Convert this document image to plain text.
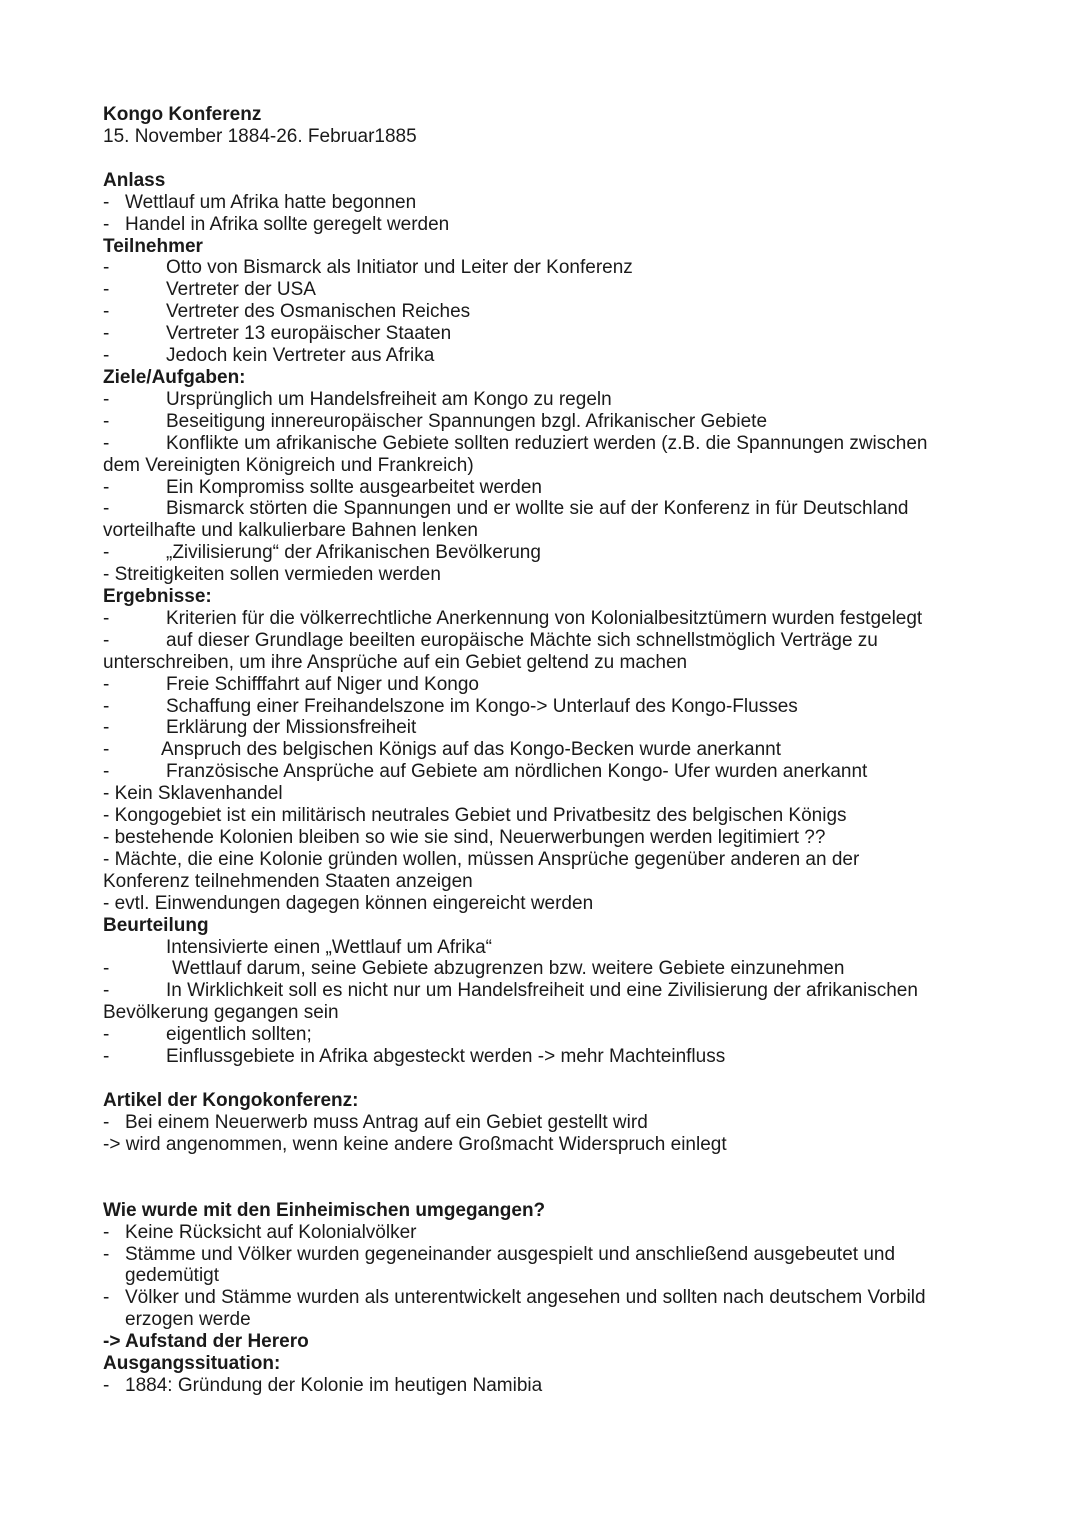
Kongo Konferenz
15. November 1884-26. Februar1885
Anlass
- Wettlauf um Afrika hatte begonnen
- Handel in Afrika sollte geregelt werden
Teilnehmer
- Otto von Bismarck als Initiator und Leiter der Konferenz
- Vertreter der USA
- Vertreter des Osmanischen Reiches
- Vertreter 13 europäischer Staaten
- Jedoch kein Vertreter aus Afrika
Ziele/Aufgaben:
- Ursprünglich um Handelsfreiheit am Kongo zu regeln
- Beseitigung innereuropäischer Spannungen bzgl. Afrikanischer Gebiete
- Konflikte um afrikanische Gebiete sollten reduziert werden (z.B. die Spannungen zwischen
dem Vereinigten Königreich und Frankreich)
- Ein Kompromiss sollte ausgearbeitet werden
- Bismarck störten die Spannungen und er wollte sie auf der Konferenz in für Deutschland
vorteilhafte und kalkulierbare Bahnen lenken
- „Zivilisierung“ der Afrikanischen Bevölkerung
- Streitigkeiten sollen vermieden werden
Ergebnisse:
- Kriterien für die völkerrechtliche Anerkennung von Kolonialbesitztümern wurden festgelegt
- auf dieser Grundlage beeilten europäische Mächte sich schnellstmöglich Verträge zu
unterschreiben, um ihre Ansprüche auf ein Gebiet geltend zu machen
- Freie Schifffahrt auf Niger und Kongo
- Schaffung einer Freihandelszone im Kongo-> Unterlauf des Kongo-Flusses
- Erklärung der Missionsfreiheit
- Anspruch des belgischen Königs auf das Kongo-Becken wurde anerkannt
- Französische Ansprüche auf Gebiete am nördlichen Kongo- Ufer wurden anerkannt
- Kein Sklavenhandel
- Kongogebiet ist ein militärisch neutrales Gebiet und Privatbesitz des belgischen Königs
- bestehende Kolonien bleiben so wie sie sind, Neuerwerbungen werden legitimiert ??
- Mächte, die eine Kolonie gründen wollen, müssen Ansprüche gegenüber anderen an der
Konferenz teilnehmenden Staaten anzeigen
- evtl. Einwendungen dagegen können eingereicht werden
Beurteilung
Intensivierte einen „Wettlauf um Afrika“
- Wettlauf darum, seine Gebiete abzugrenzen bzw. weitere Gebiete einzunehmen
- In Wirklichkeit soll es nicht nur um Handelsfreiheit und eine Zivilisierung der afrikanischen
Bevölkerung gegangen sein
- eigentlich sollten;
- Einflussgebiete in Afrika abgesteckt werden -> mehr Machteinfluss
Artikel der Kongokonferenz:
- Bei einem Neuerwerb muss Antrag auf ein Gebiet gestellt wird
-> wird angenommen, wenn keine andere Großmacht Widerspruch einlegt
Wie wurde mit den Einheimischen umgegangen?
- Keine Rücksicht auf Kolonialvölker
- Stämme und Völker wurden gegeneinander ausgespielt und anschließend ausgebeutet und
gedemütigt
- Völker und Stämme wurden als unterentwickelt angesehen und sollten nach deutschem Vorbild
erzogen werde
-> Aufstand der Herero
Ausgangssituation:
- 1884: Gründung der Kolonie im heutigen Namibia
